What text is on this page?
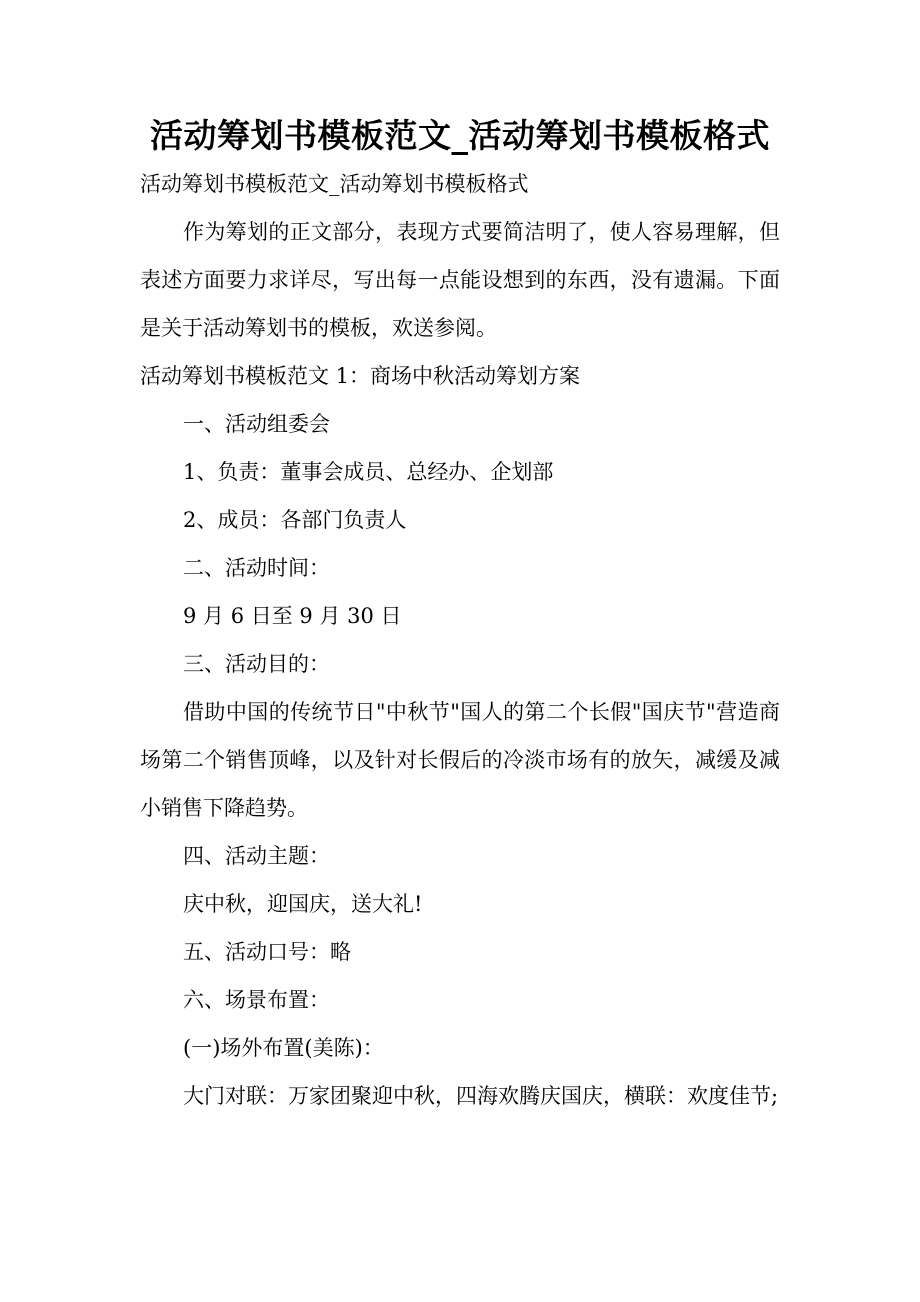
活动筹划书模板范文_活动筹划书模板格式

活动筹划书模板范文_活动筹划书模板格式

作为筹划的正文部分，表现方式要简洁明了，使人容易理解，但表述方面要力求详尽，写出每一点能设想到的东西，没有遗漏。下面是关于活动筹划书的模板，欢送参阅。

活动筹划书模板范文 1：商场中秋活动筹划方案

一、活动组委会

1、负责：董事会成员、总经办、企划部

2、成员：各部门负责人

二、活动时间：

9 月 6 日至 9 月 30 日

三、活动目的：

借助中国的传统节日"中秋节"国人的第二个长假"国庆节"营造商场第二个销售顶峰，以及针对长假后的冷淡市场有的放矢，减缓及减小销售下降趋势。

四、活动主题：

庆中秋，迎国庆，送大礼!

五、活动口号：略

六、场景布置：

(一)场外布置(美陈)：

大门对联：万家团聚迎中秋，四海欢腾庆国庆，横联：欢度佳节;
